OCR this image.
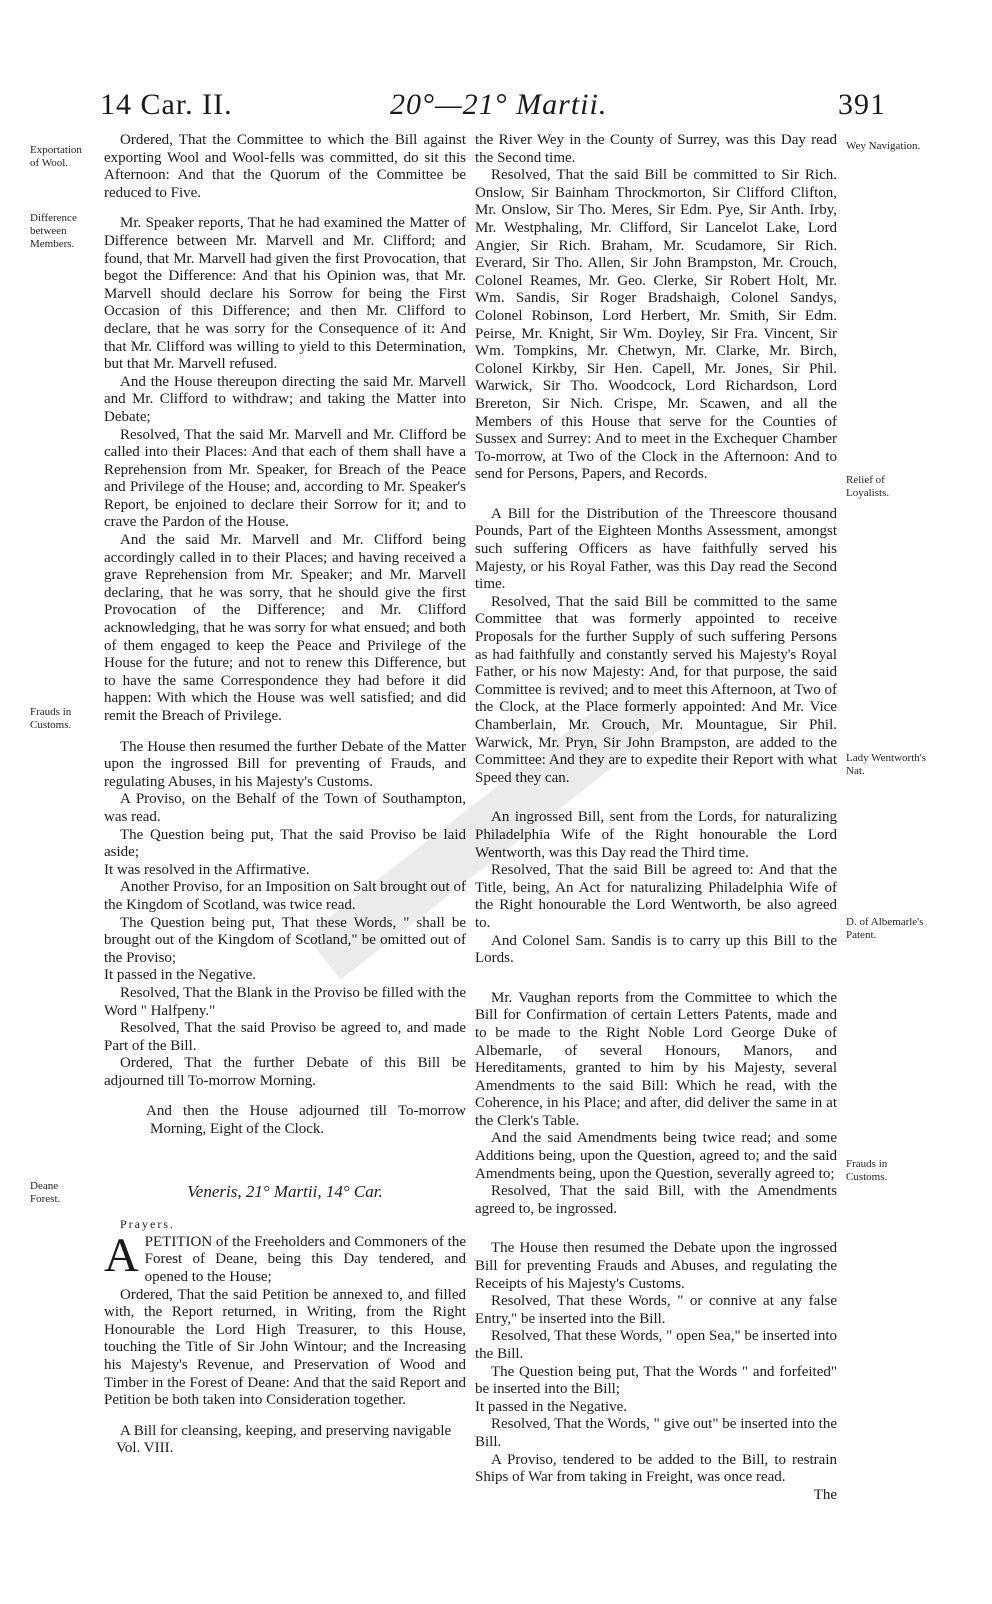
14 Car. II.	20°—21° Martii.	391
Exportation of Wool.
Difference between Members.
Frauds in Customs.
Deane Forest.
Wey Navigation.
Relief of Loyalists.
Lady Wentworth's Nat.
D. of Albemarle's Patent.
Frauds in Customs.

Ordered, That the Committee to which the Bill against exporting Wool and Wool-fells was committed, do sit this Afternoon: And that the Quorum of the Committee be reduced to Five.

Mr. Speaker reports, That he had examined the Matter of Difference between Mr. Marvell and Mr. Clifford; and found, that Mr. Marvell had given the first Provocation, that begot the Difference: And that his Opinion was, that Mr. Marvell should declare his Sorrow for being the First Occasion of this Difference; and then Mr. Clifford to declare, that he was sorry for the Consequence of it: And that Mr. Clifford was willing to yield to this Determination, but that Mr. Marvell refused.

And the House thereupon directing the said Mr. Marvell and Mr. Clifford to withdraw; and taking the Matter into Debate;

Resolved, That the said Mr. Marvell and Mr. Clifford be called into their Places: And that each of them shall have a Reprehension from Mr. Speaker, for Breach of the Peace and Privilege of the House; and, according to Mr. Speaker's Report, be enjoined to declare their Sorrow for it; and to crave the Pardon of the House.

And the said Mr. Marvell and Mr. Clifford being accordingly called in to their Places; and having received a grave Reprehension from Mr. Speaker; and Mr. Marvell declaring, that he was sorry, that he should give the first Provocation of the Difference; and Mr. Clifford acknowledging, that he was sorry for what ensued; and both of them engaged to keep the Peace and Privilege of the House for the future; and not to renew this Difference, but to have the same Correspondence they had before it did happen: With which the House was well satisfied; and did remit the Breach of Privilege.

The House then resumed the further Debate of the Matter upon the ingrossed Bill for preventing of Frauds, and regulating Abuses, in his Majesty's Customs.

A Proviso, on the Behalf of the Town of Southampton, was read.

The Question being put, That the said Proviso be laid aside;

It was resolved in the Affirmative.

Another Proviso, for an Imposition on Salt brought out of the Kingdom of Scotland, was twice read.

The Question being put, That these Words, " shall be brought out of the Kingdom of Scotland," be omitted out of the Proviso;

It passed in the Negative.

Resolved, That the Blank in the Proviso be filled with the Word " Halfpeny."

Resolved, That the said Proviso be agreed to, and made Part of the Bill.

Ordered, That the further Debate of this Bill be adjourned till To-morrow Morning.

And then the House adjourned till To-morrow Morning, Eight of the Clock.

Veneris, 21° Martii, 14° Car.

Prayers.

APETITION of the Freeholders and Commoners of the Forest of Deane, being this Day tendered, and opened to the House;

Ordered, That the said Petition be annexed to, and filled with, the Report returned, in Writing, from the Right Honourable the Lord High Treasurer, to this House, touching the Title of Sir John Wintour; and the Increasing his Majesty's Revenue, and Preservation of Wood and Timber in the Forest of Deane: And that the said Report and Petition be both taken into Consideration together.

A Bill for cleansing, keeping, and preserving navigable

Vol. VIII.

the River Wey in the County of Surrey, was this Day read the Second time.

Resolved, That the said Bill be committed to Sir Rich. Onslow, Sir Bainham Throckmorton, Sir Clifford Clifton, Mr. Onslow, Sir Tho. Meres, Sir Edm. Pye, Sir Anth. Irby, Mr. Westphaling, Mr. Clifford, Sir Lancelot Lake, Lord Angier, Sir Rich. Braham, Mr. Scudamore, Sir Rich. Everard, Sir Tho. Allen, Sir John Brampston, Mr. Crouch, Colonel Reames, Mr. Geo. Clerke, Sir Robert Holt, Mr. Wm. Sandis, Sir Roger Bradshaigh, Colonel Sandys, Colonel Robinson, Lord Herbert, Mr. Smith, Sir Edm. Peirse, Mr. Knight, Sir Wm. Doyley, Sir Fra. Vincent, Sir Wm. Tompkins, Mr. Chetwyn, Mr. Clarke, Mr. Birch, Colonel Kirkby, Sir Hen. Capell, Mr. Jones, Sir Phil. Warwick, Sir Tho. Woodcock, Lord Richardson, Lord Brereton, Sir Nich. Crispe, Mr. Scawen, and all the Members of this House that serve for the Counties of Sussex and Surrey: And to meet in the Exchequer Chamber To-morrow, at Two of the Clock in the Afternoon: And to send for Persons, Papers, and Records.

A Bill for the Distribution of the Threescore thousand Pounds, Part of the Eighteen Months Assessment, amongst such suffering Officers as have faithfully served his Majesty, or his Royal Father, was this Day read the Second time.

Resolved, That the said Bill be committed to the same Committee that was formerly appointed to receive Proposals for the further Supply of such suffering Persons as had faithfully and constantly served his Majesty's Royal Father, or his now Majesty: And, for that purpose, the said Committee is revived; and to meet this Afternoon, at Two of the Clock, at the Place formerly appointed: And Mr. Vice Chamberlain, Mr. Crouch, Mr. Mountague, Sir Phil. Warwick, Mr. Pryn, Sir John Brampston, are added to the Committee: And they are to expedite their Report with what Speed they can.

An ingrossed Bill, sent from the Lords, for naturalizing Philadelphia Wife of the Right honourable the Lord Wentworth, was this Day read the Third time.

Resolved, That the said Bill be agreed to: And that the Title, being, An Act for naturalizing Philadelphia Wife of the Right honourable the Lord Wentworth, be also agreed to.

And Colonel Sam. Sandis is to carry up this Bill to the Lords.

Mr. Vaughan reports from the Committee to which the Bill for Confirmation of certain Letters Patents, made and to be made to the Right Noble Lord George Duke of Albemarle, of several Honours, Manors, and Hereditaments, granted to him by his Majesty, several Amendments to the said Bill: Which he read, with the Coherence, in his Place; and after, did deliver the same in at the Clerk's Table.

And the said Amendments being twice read; and some Additions being, upon the Question, agreed to; and the said Amendments being, upon the Question, severally agreed to;

Resolved, That the said Bill, with the Amendments agreed to, be ingrossed.

The House then resumed the Debate upon the ingrossed Bill for preventing Frauds and Abuses, and regulating the Receipts of his Majesty's Customs.

Resolved, That these Words, " or connive at any false Entry," be inserted into the Bill.

Resolved, That these Words, " open Sea," be inserted into the Bill.

The Question being put, That the Words " and forfeited" be inserted into the Bill;

It passed in the Negative.

Resolved, That the Words, " give out" be inserted into the Bill.

A Proviso, tendered to be added to the Bill, to restrain Ships of War from taking in Freight, was once read.

The
